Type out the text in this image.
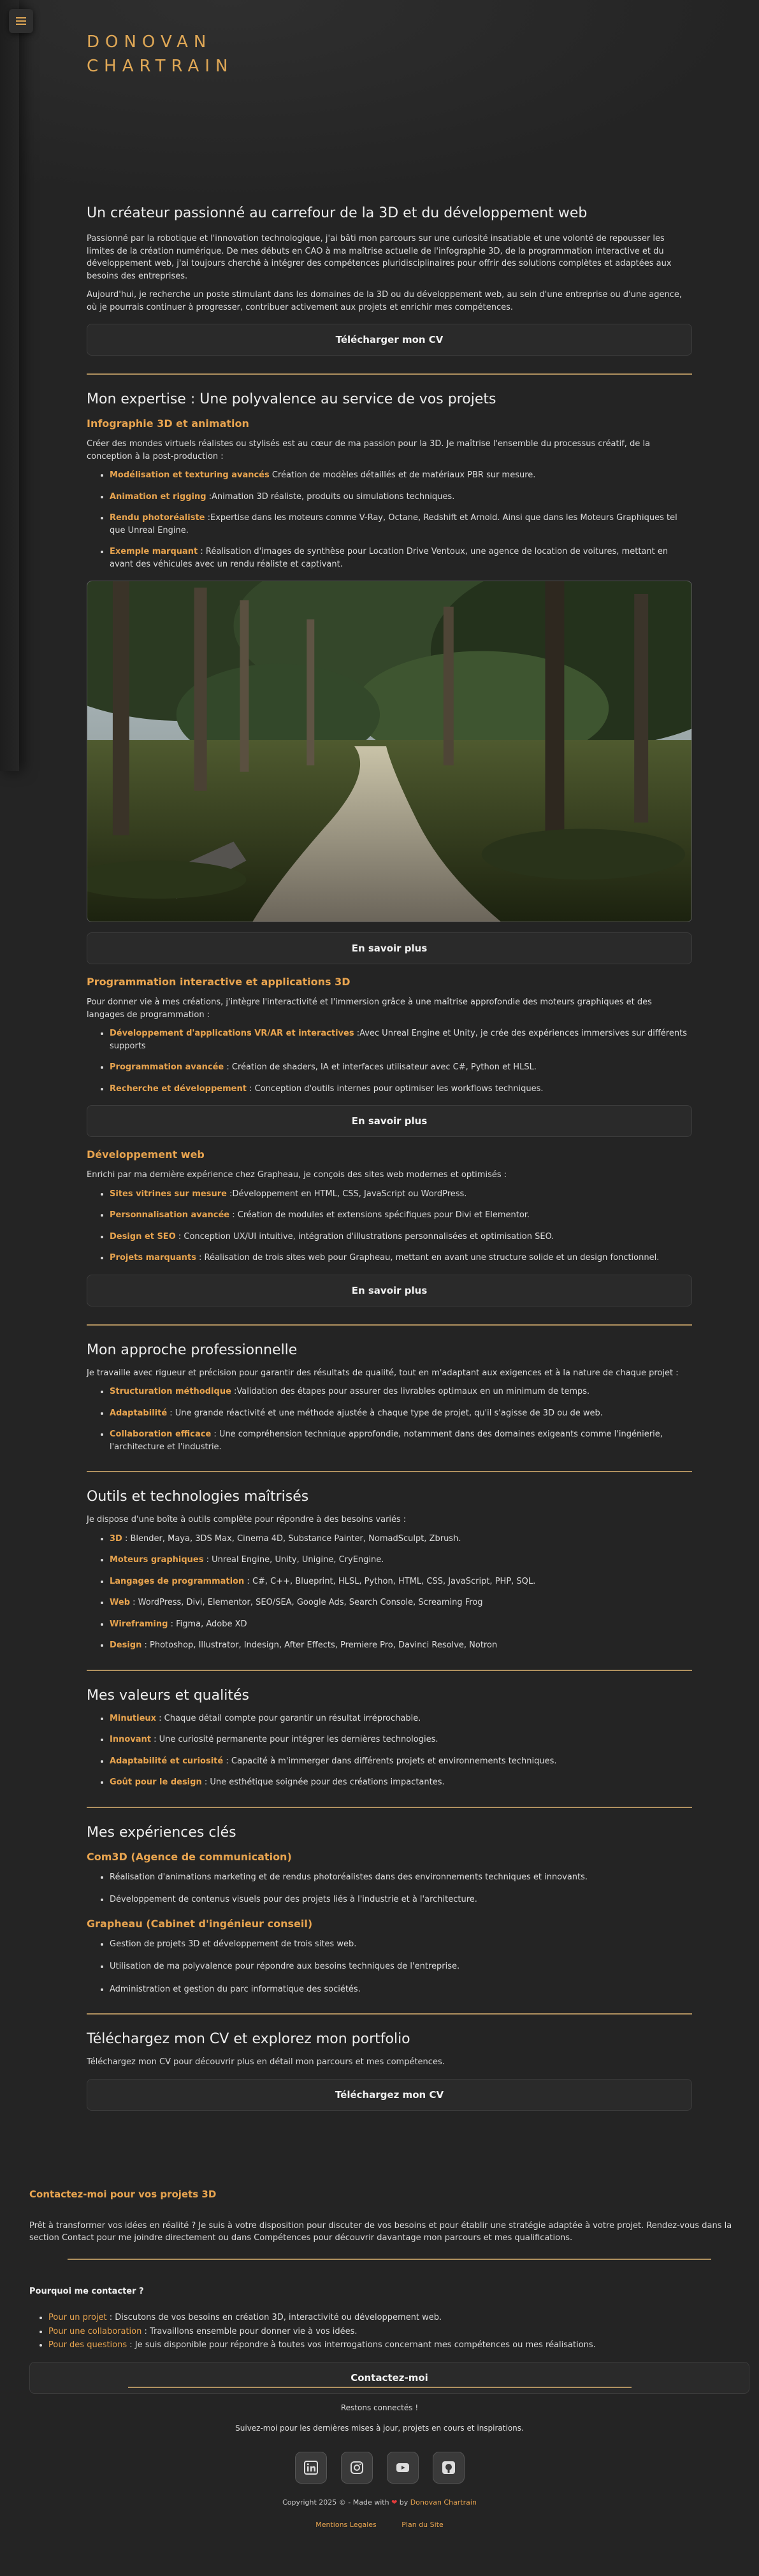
DONOVAN
CHARTRAIN
Un créateur passionné au carrefour de la 3D et du développement web

Passionné par la robotique et l'innovation technologique, j'ai bâti mon parcours sur une curiosité insatiable et une volonté de repousser les limites de la création numérique. De mes débuts en CAO à ma maîtrise actuelle de l'infographie 3D, de la programmation interactive et du développement web, j'ai toujours cherché à intégrer des compétences pluridisciplinaires pour offrir des solutions complètes et adaptées aux besoins des entreprises.

Aujourd'hui, je recherche un poste stimulant dans les domaines de la 3D ou du développement web, au sein d'une entreprise ou d'une agence, où je pourrais continuer à progresser, contribuer activement aux projets et enrichir mes compétences.

Télécharger mon CV
Mon expertise : Une polyvalence au service de vos projets
Infographie 3D et animation

Créer des mondes virtuels réalistes ou stylisés est au cœur de ma passion pour la 3D. Je maîtrise l'ensemble du processus créatif, de la conception à la post-production :

• Modélisation et texturing avancés Création de modèles détaillés et de matériaux PBR sur mesure.
• Animation et rigging :Animation 3D réaliste, produits ou simulations techniques.
• Rendu photoréaliste :Expertise dans les moteurs comme V-Ray, Octane, Redshift et Arnold. Ainsi que dans les Moteurs Graphiques tel que Unreal Engine.
• Exemple marquant : Réalisation d'images de synthèse pour Location Drive Ventoux, une agence de location de voitures, mettant en avant des véhicules avec un rendu réaliste et captivant.
En savoir plus
Programmation interactive et applications 3D

Pour donner vie à mes créations, j'intègre l'interactivité et l'immersion grâce à une maîtrise approfondie des moteurs graphiques et des langages de programmation :

• Développement d'applications VR/AR et interactives :Avec Unreal Engine et Unity, je crée des expériences immersives sur différents supports
• Programmation avancée : Création de shaders, IA et interfaces utilisateur avec C#, Python et HLSL.
• Recherche et développement : Conception d'outils internes pour optimiser les workflows techniques.
En savoir plus
Développement web

Enrichi par ma dernière expérience chez Grapheau, je conçois des sites web modernes et optimisés :

• Sites vitrines sur mesure :Développement en HTML, CSS, JavaScript ou WordPress.
• Personnalisation avancée : Création de modules et extensions spécifiques pour Divi et Elementor.
• Design et SEO : Conception UX/UI intuitive, intégration d'illustrations personnalisées et optimisation SEO.
• Projets marquants : Réalisation de trois sites web pour Grapheau, mettant en avant une structure solide et un design fonctionnel.
En savoir plus
Mon approche professionnelle

Je travaille avec rigueur et précision pour garantir des résultats de qualité, tout en m'adaptant aux exigences et à la nature de chaque projet :

• Structuration méthodique :Validation des étapes pour assurer des livrables optimaux en un minimum de temps.
• Adaptabilité : Une grande réactivité et une méthode ajustée à chaque type de projet, qu'il s'agisse de 3D ou de web.
• Collaboration efficace : Une compréhension technique approfondie, notamment dans des domaines exigeants comme l'ingénierie, l'architecture et l'industrie.
Outils et technologies maîtrisés

Je dispose d'une boîte à outils complète pour répondre à des besoins variés :

• 3D : Blender, Maya, 3DS Max, Cinema 4D, Substance Painter, NomadSculpt, Zbrush.
• Moteurs graphiques : Unreal Engine, Unity, Unigine, CryEngine.
• Langages de programmation : C#, C++, Blueprint, HLSL, Python, HTML, CSS, JavaScript, PHP, SQL.
• Web : WordPress, Divi, Elementor, SEO/SEA, Google Ads, Search Console, Screaming Frog
• Wireframing : Figma, Adobe XD
• Design : Photoshop, Illustrator, Indesign, After Effects, Premiere Pro, Davinci Resolve, Notron
Mes valeurs et qualités
• Minutieux : Chaque détail compte pour garantir un résultat irréprochable.
• Innovant : Une curiosité permanente pour intégrer les dernières technologies.
• Adaptabilité et curiosité : Capacité à m'immerger dans différents projets et environnements techniques.
• Goût pour le design : Une esthétique soignée pour des créations impactantes.
Mes expériences clés
Com3D (Agence de communication)
• Réalisation d'animations marketing et de rendus photoréalistes dans des environnements techniques et innovants.
• Développement de contenus visuels pour des projets liés à l'industrie et à l'architecture.
Grapheau (Cabinet d'ingénieur conseil)
• Gestion de projets 3D et développement de trois sites web.
• Utilisation de ma polyvalence pour répondre aux besoins techniques de l'entreprise.
• Administration et gestion du parc informatique des sociétés.
Téléchargez mon CV et explorez mon portfolio

Téléchargez mon CV pour découvrir plus en détail mon parcours et mes compétences.

Téléchargez mon CV
Contactez-moi pour vos projets 3D

Prêt à transformer vos idées en réalité ? Je suis à votre disposition pour discuter de vos besoins et pour établir une stratégie adaptée à votre projet. Rendez-vous dans la section Contact pour me joindre directement ou dans Compétences pour découvrir davantage mon parcours et mes qualifications.

Pourquoi me contacter ?
• Pour un projet : Discutons de vos besoins en création 3D, interactivité ou développement web.
• Pour une collaboration : Travaillons ensemble pour donner vie à vos idées.
• Pour des questions : Je suis disponible pour répondre à toutes vos interrogations concernant mes compétences ou mes réalisations.
Contactez-moi
Restons connectés !
Suivez-moi pour les dernières mises à jour, projets en cours et inspirations.
Copyright 2025 © - Made with ❤ by Donovan Chartrain
Mentions Legales	Plan du Site
